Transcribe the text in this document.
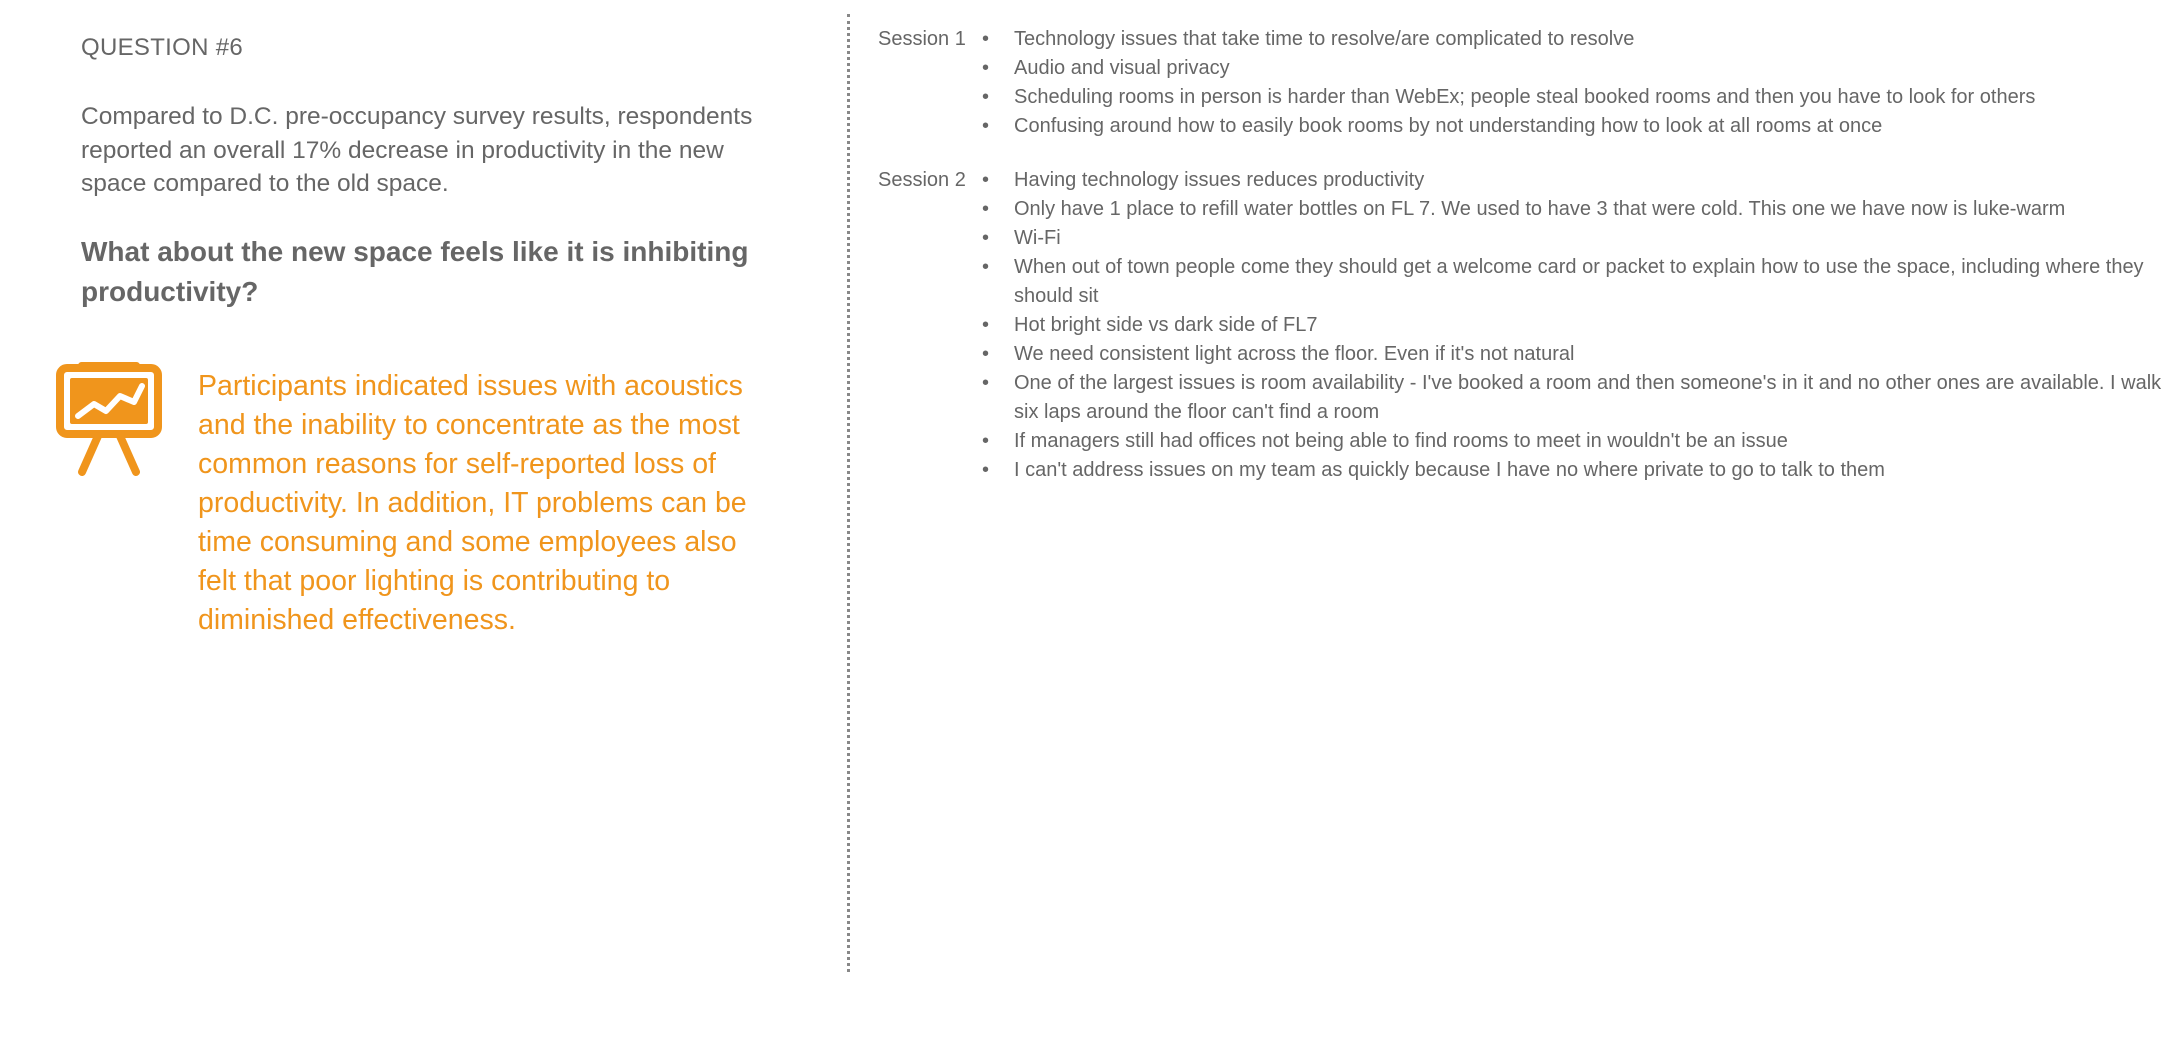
QUESTION #6
Compared to D.C. pre-occupancy survey results, respondents reported an overall 17% decrease in productivity in the new space compared to the old space.
What about the new space feels like it is inhibiting productivity?
Participants indicated issues with acoustics and the inability to concentrate as the most common reasons for self-reported loss of productivity. In addition, IT problems can be time consuming and some employees also felt that poor lighting is contributing to diminished effectiveness.
Session 1 • Technology issues that take time to resolve/are complicated to resolve
• Audio and visual privacy
• Scheduling rooms in person is harder than WebEx; people steal booked rooms and then you have to look for others
• Confusing around how to easily book rooms by not understanding how to look at all rooms at once
Session 2 • Having technology issues reduces productivity
• Only have 1 place to refill water bottles on FL 7. We used to have 3 that were cold. This one we have now is luke-warm
• Wi-Fi
• When out of town people come they should get a welcome card or packet to explain how to use the space, including where they should sit
• Hot bright side vs dark side of FL7
• We need consistent light across the floor. Even if it's not natural
• One of the largest issues is room availability - I've booked a room and then someone's in it and no other ones are available. I walk six laps around the floor can't find a room
• If managers still had offices not being able to find rooms to meet in wouldn't be an issue
• I can't address issues on my team as quickly because I have no where private to go to talk to them
